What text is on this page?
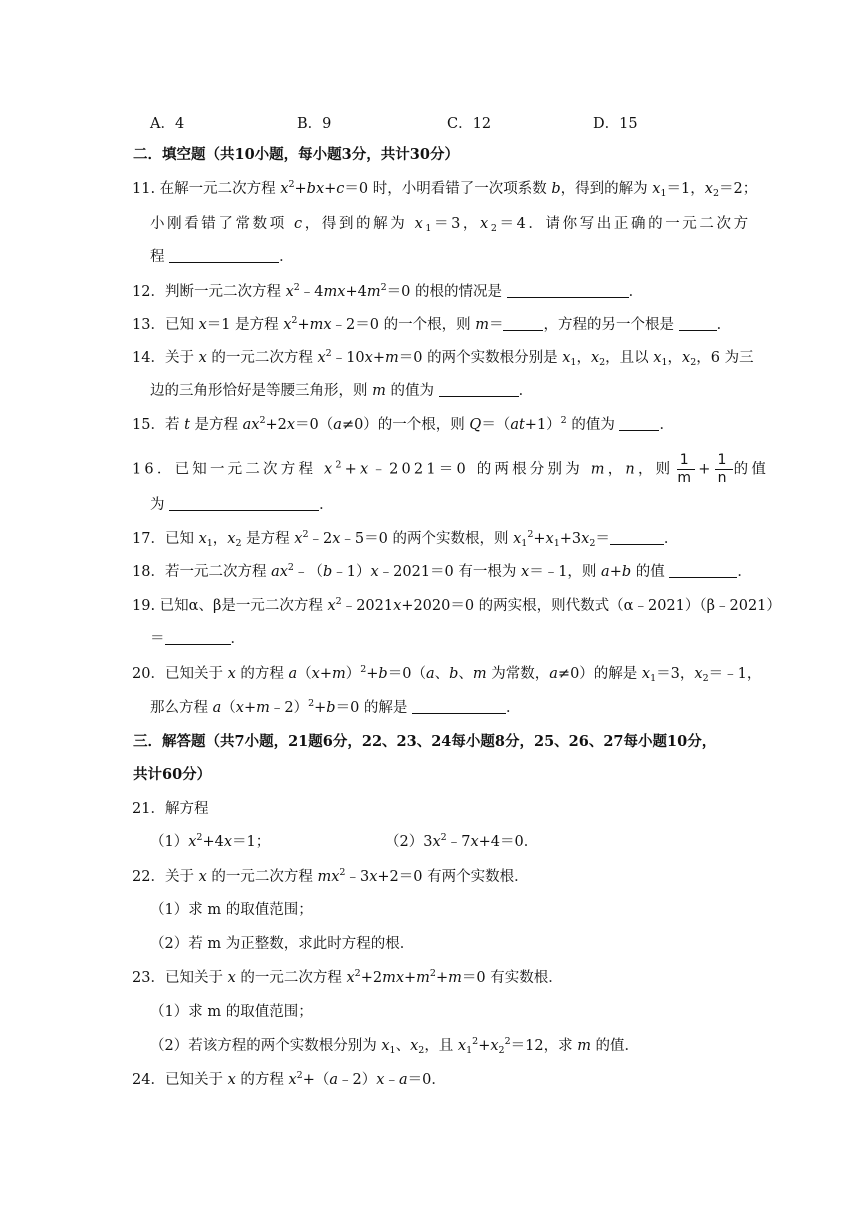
A．4	B．9	C．12	D．15
二．填空题（共10小题，每小题3分，共计30分）
11. 在解一元二次方程 $x^2+bx+c=0$ 时，小明看错了一次项系数 b，得到的解为 $x_1=1$，$x_2=2$；
小刚看错了常数项 c，得到的解为 $x_1=3$，$x_2=4$．请你写出正确的一元二次方
程	．
12．判断一元二次方程 $x^2﹣4mx+4m^2=0$ 的根的情况是	．
13．已知 x＝1 是方程 $x^2+mx﹣2=0$ 的一个根，则 m＝	，方程的另一个根是	．
14．关于 x 的一元二次方程 $x^2﹣10x+m=0$ 的两个实数根分别是 $x_1$，$x_2$，且以 $x_1$，$x_2$，6 为三
边的三角形恰好是等腰三角形，则 m 的值为	．
15．若 t 是方程 $ax^2+2x=0(a\ne 0)$的一个根，则 $Q=(at+1)^2$ 的值为	．
16．已知一元二次方程 $x^2+x﹣2021=0$ 的两根分别为 m，n，则 $\frac{1}{m} + \frac{1}{n}$ 的值
为	．
17．已知 $x_1$，$x_2$ 是方程 $x^2﹣2x﹣5=0$ 的两个实数根，则 $x_1^2+x_1+3x_2=$	．
18．若一元二次方程 $ax^2﹣(b﹣1)x﹣2021=0$ 有一根为 x＝﹣1，则 a+b 的值	．
19. 已知α、β是一元二次方程 $x^2﹣2021x+2020=0$ 的两实根，则代数式（α﹣2021）（β﹣2021）
＝	．
20．已知关于 x 的方程 $a(x+m)^2+b=0(a$、b、m 为常数，a≠0）的解是 $x_1=3$，$x_2=﹣1$，
那么方程 a（x+m﹣2）$^2$+b＝0 的解是	．
三．解答题（共7小题，21题6分，22、23、24每小题8分，25、26、27每小题10分，
共计60分）
21．解方程
$(1)x^2+4x=1$；	$(2)3x^2﹣7x+4=0$．
22．关于 x 的一元二次方程 $mx^2﹣3x+2=0$ 有两个实数根．
（1）求 m 的取值范围；
（2）若 m 为正整数，求此时方程的根．
23．已知关于 x 的一元二次方程 $x^2+2mx+m^2+m=0$ 有实数根．
（1）求 m 的取值范围；
（2）若该方程的两个实数根分别为 $x_1$、$x_2$，且 $x_1^2+x_2^2=12$，求 m 的值．
24．已知关于 x 的方程 $x^2+(a﹣2)x﹣a=0$．
